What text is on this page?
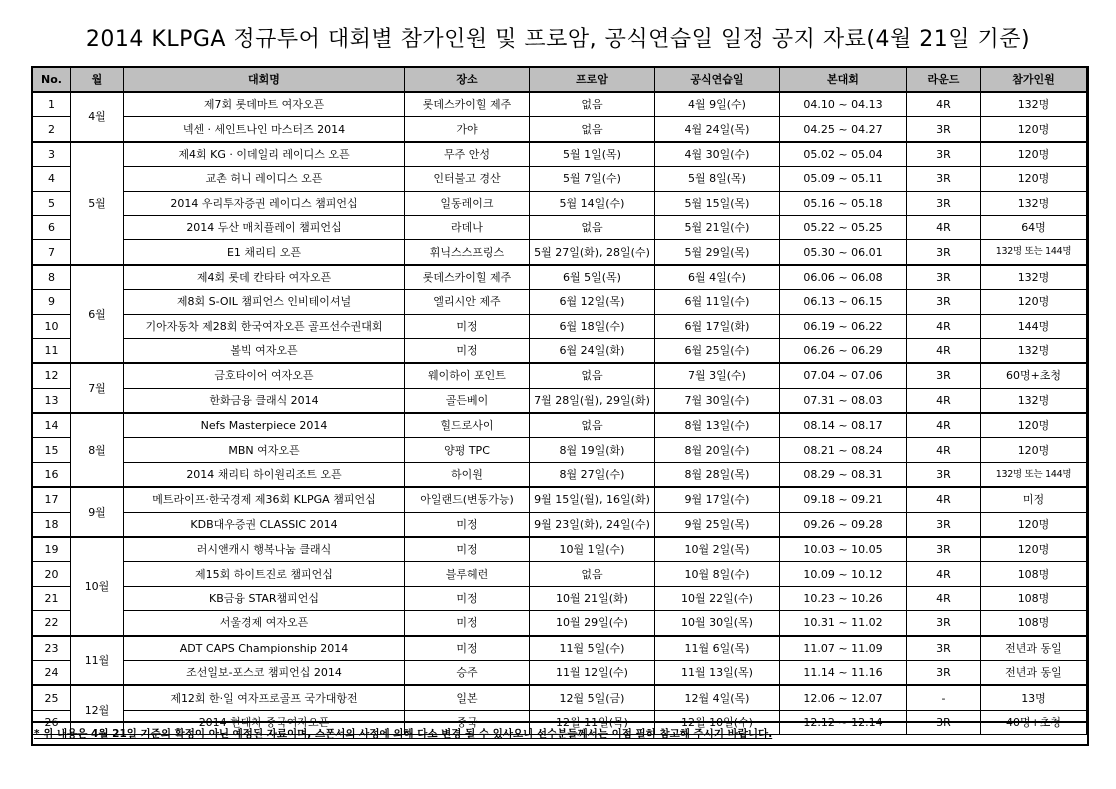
2014 KLPGA 정규투어 대회별 참가인원 및 프로암, 공식연습일 일정 공지 자료(4월 21일 기준)
No.	월	대회명	장소	프로암	공식연습일	본대회	라운드	참가인원
1	4월	제7회 롯데마트 여자오픈	롯데스카이힐 제주	없음	4월 9일(수)	04.10 ~ 04.13	4R	132명
2		넥센 · 세인트나인 마스터즈 2014	가야	없음	4월 24일(목)	04.25 ~ 04.27	3R	120명
3	5월	제4회 KG · 이데일리 레이디스 오픈	무주 안성	5월 1일(목)	4월 30일(수)	05.02 ~ 05.04	3R	120명
4		교촌 허니 레이디스 오픈	인터불고 경산	5월 7일(수)	5월 8일(목)	05.09 ~ 05.11	3R	120명
5		2014 우리투자증권 레이디스 챔피언십	일동레이크	5월 14일(수)	5월 15일(목)	05.16 ~ 05.18	3R	132명
6		2014 두산 매치플레이 챔피언십	라데나	없음	5월 21일(수)	05.22 ~ 05.25	4R	64명
7		E1 채리티 오픈	휘닉스스프링스	5월 27일(화), 28일(수)	5월 29일(목)	05.30 ~ 06.01	3R	132명 또는 144명
8	6월	제4회 롯데 칸타타 여자오픈	롯데스카이힐 제주	6월 5일(목)	6월 4일(수)	06.06 ~ 06.08	3R	132명
9		제8회 S-OIL 챔피언스 인비테이셔널	엘리시안 제주	6월 12일(목)	6월 11일(수)	06.13 ~ 06.15	3R	120명
10		기아자동차 제28회 한국여자오픈 골프선수권대회	미정	6월 18일(수)	6월 17일(화)	06.19 ~ 06.22	4R	144명
11		볼빅 여자오픈	미정	6월 24일(화)	6월 25일(수)	06.26 ~ 06.29	4R	132명
12	7월	금호타이어 여자오픈	웨이하이 포인트	없음	7월 3일(수)	07.04 ~ 07.06	3R	60명+초청
13		한화금융 클래식 2014	골든베이	7월 28일(월), 29일(화)	7월 30일(수)	07.31 ~ 08.03	4R	132명
14	8월	Nefs Masterpiece 2014	힐드로사이	없음	8월 13일(수)	08.14 ~ 08.17	4R	120명
15		MBN 여자오픈	양평 TPC	8월 19일(화)	8월 20일(수)	08.21 ~ 08.24	4R	120명
16		2014 채리티 하이원리조트 오픈	하이원	8월 27일(수)	8월 28일(목)	08.29 ~ 08.31	3R	132명 또는 144명
17	9월	메트라이프·한국경제 제36회 KLPGA 챔피언십	아일랜드(변동가능)	9월 15일(월), 16일(화)	9월 17일(수)	09.18 ~ 09.21	4R	미정
18		KDB대우증권 CLASSIC 2014	미정	9월 23일(화), 24일(수)	9월 25일(목)	09.26 ~ 09.28	3R	120명
19	10월	러시앤캐시 행복나눔 클래식	미정	10월 1일(수)	10월 2일(목)	10.03 ~ 10.05	3R	120명
20		제15회 하이트진로 챔피언십	블루헤런	없음	10월 8일(수)	10.09 ~ 10.12	4R	108명
21		KB금융 STAR챔피언십	미정	10월 21일(화)	10월 22일(수)	10.23 ~ 10.26	4R	108명
22		서울경제 여자오픈	미정	10월 29일(수)	10월 30일(목)	10.31 ~ 11.02	3R	108명
23	11월	ADT CAPS Championship 2014	미정	11월 5일(수)	11월 6일(목)	11.07 ~ 11.09	3R	전년과 동일
24		조선일보-포스코 챔피언십 2014	승주	11월 12일(수)	11월 13일(목)	11.14 ~ 11.16	3R	전년과 동일
25	12월	제12회 한·일 여자프로골프 국가대항전	일본	12월 5일(금)	12월 4일(목)	12.06 ~ 12.07	-	13명
26		2014 현대차 중국여자오픈	중국	12월 11일(목)	12월 10일(수)	12.12 ~ 12.14	3R	40명+초청
* 위 내용은 4월 21일 기준의 확정이 아닌 예정된 자료이며, 스폰서의 사정에 의해 다소 변경 될 수 있사오니 선수분들께서는 이점 필히 참고해 주시기 바랍니다.
